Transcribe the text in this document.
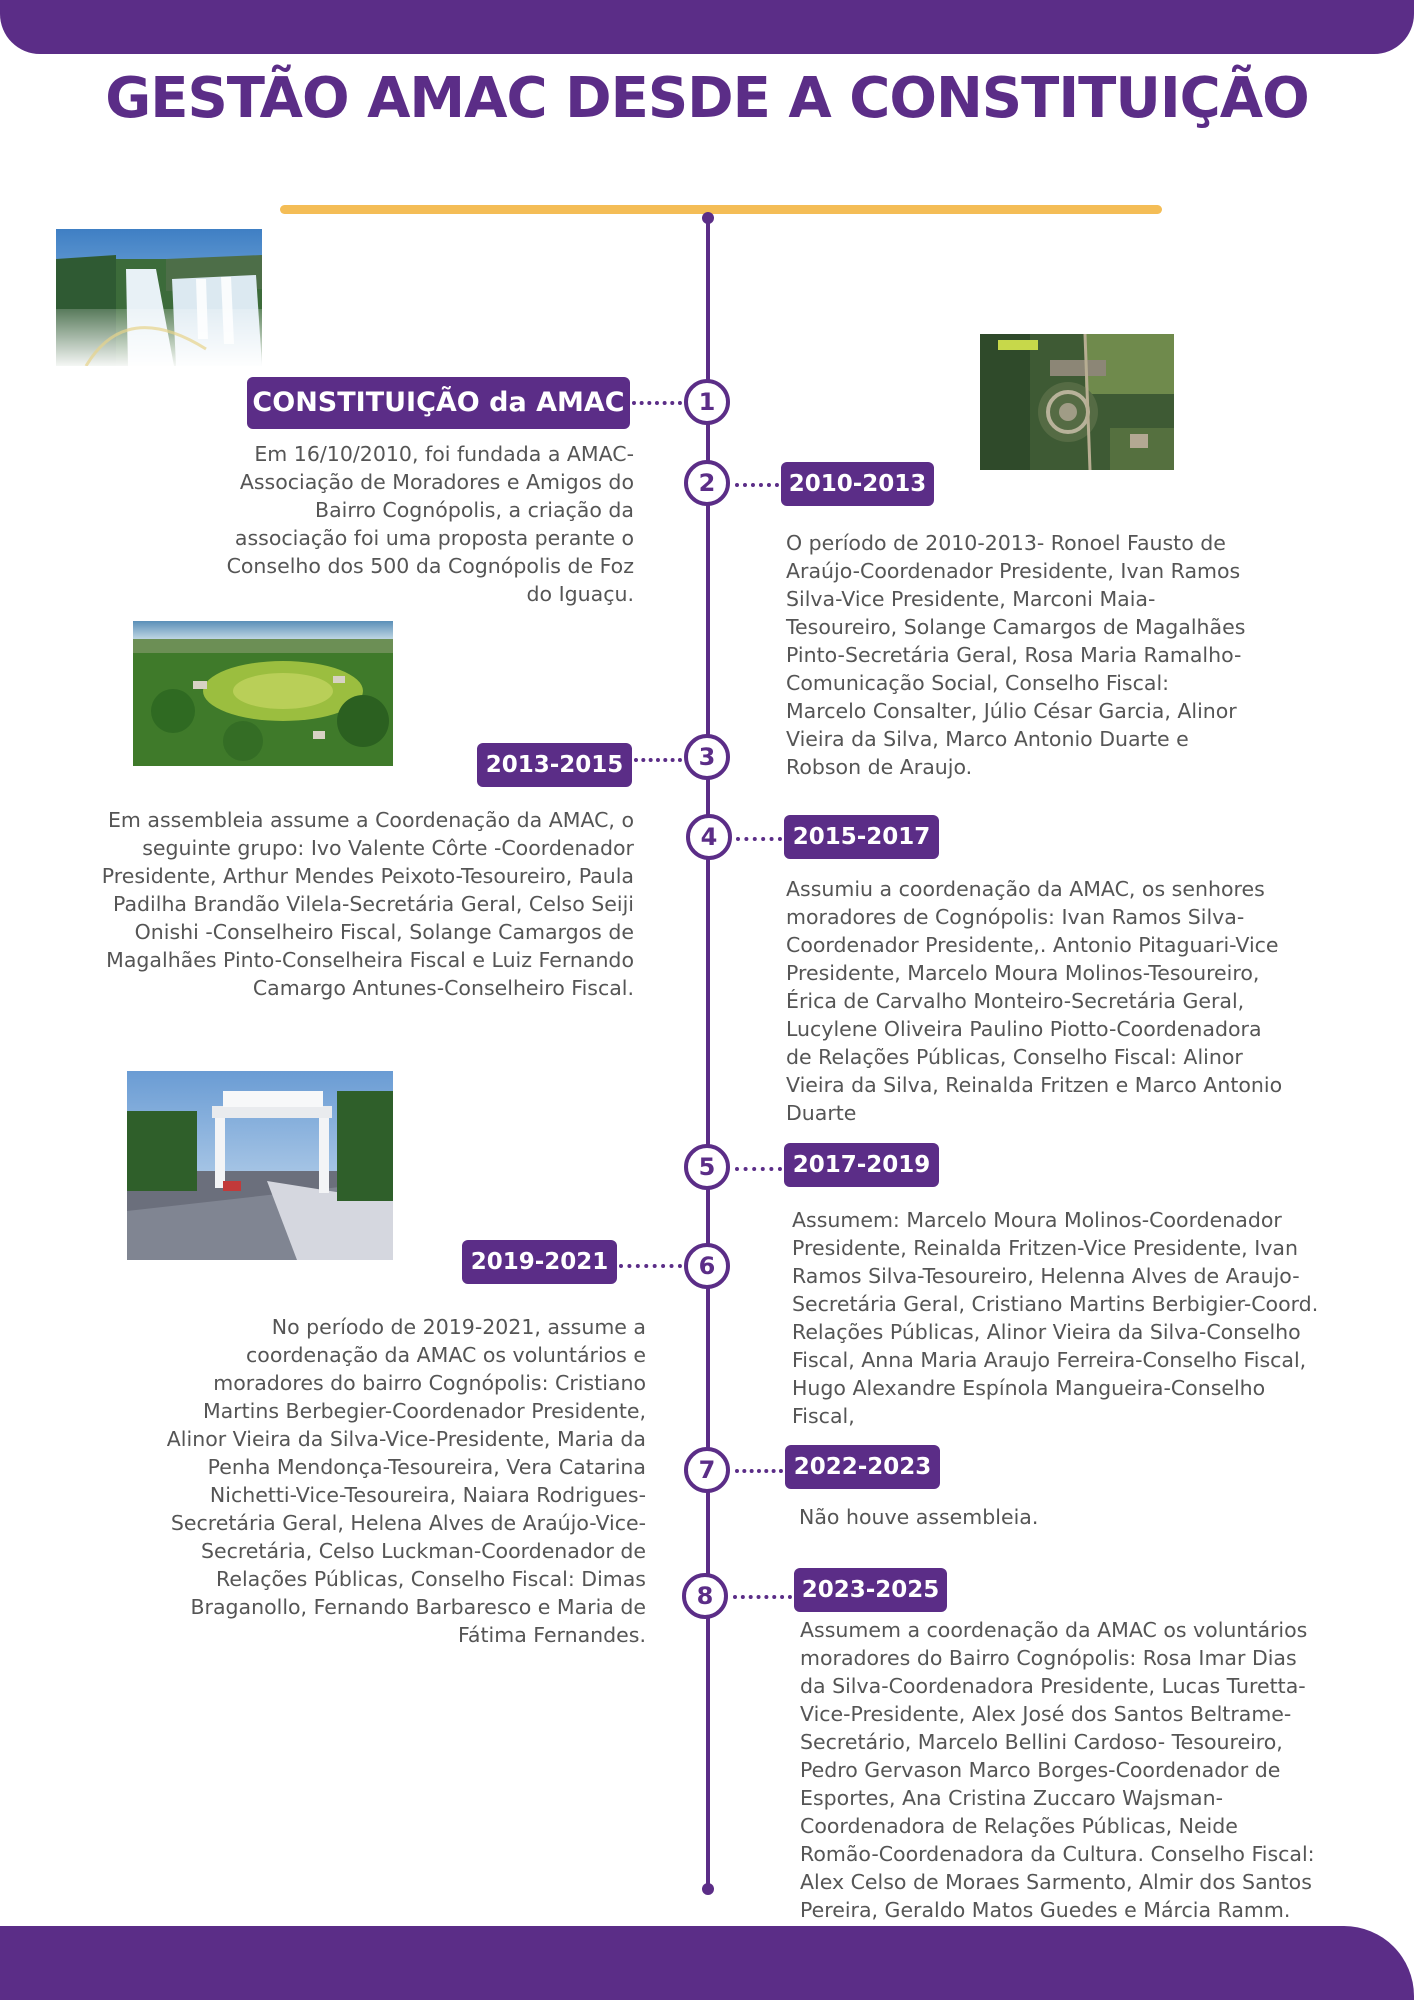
GESTÃO AMAC DESDE A CONSTITUIÇÃO
1
CONSTITUIÇÃO da AMAC
Em 16/10/2010, foi fundada a AMAC-
Associação de Moradores e Amigos do
Bairro Cognópolis, a criação da
associação foi uma proposta perante o
Conselho dos 500 da Cognópolis de Foz
do Iguaçu.
2	2010-2013
O período de 2010-2013- Ronoel Fausto de
Araújo-Coordenador Presidente, Ivan Ramos
Silva-Vice Presidente, Marconi Maia-
Tesoureiro, Solange Camargos de Magalhães
Pinto-Secretária Geral, Rosa Maria Ramalho-
Comunicação Social, Conselho Fiscal:
Marcelo Consalter, Júlio César Garcia, Alinor
Vieira da Silva, Marco Antonio Duarte e
Robson de Araujo.
3
2013-2015
Em assembleia assume a Coordenação da AMAC, o
seguinte grupo: Ivo Valente Côrte -Coordenador
Presidente, Arthur Mendes Peixoto-Tesoureiro, Paula
Padilha Brandão Vilela-Secretária Geral, Celso Seiji
Onishi -Conselheiro Fiscal, Solange Camargos de
Magalhães Pinto-Conselheira Fiscal e Luiz Fernando
Camargo Antunes-Conselheiro Fiscal.
4	2015-2017
Assumiu a coordenação da AMAC, os senhores
moradores de Cognópolis: Ivan Ramos Silva-
Coordenador Presidente,. Antonio Pitaguari-Vice
Presidente, Marcelo Moura Molinos-Tesoureiro,
Érica de Carvalho Monteiro-Secretária Geral,
Lucylene Oliveira Paulino Piotto-Coordenadora
de Relações Públicas, Conselho Fiscal: Alinor
Vieira da Silva, Reinalda Fritzen e Marco Antonio
Duarte
5	2017-2019
Assumem: Marcelo Moura Molinos-Coordenador
Presidente, Reinalda Fritzen-Vice Presidente, Ivan
Ramos Silva-Tesoureiro, Helenna Alves de Araujo-
Secretária Geral, Cristiano Martins Berbigier-Coord.
Relações Públicas, Alinor Vieira da Silva-Conselho
Fiscal, Anna Maria Araujo Ferreira-Conselho Fiscal,
Hugo Alexandre Espínola Mangueira-Conselho
Fiscal,
6
2019-2021
No período de 2019-2021, assume a
coordenação da AMAC os voluntários e
moradores do bairro Cognópolis: Cristiano
Martins Berbegier-Coordenador Presidente,
Alinor Vieira da Silva-Vice-Presidente, Maria da
Penha Mendonça-Tesoureira, Vera Catarina
Nichetti-Vice-Tesoureira, Naiara Rodrigues-
Secretária Geral, Helena Alves de Araújo-Vice-
Secretária, Celso Luckman-Coordenador de
Relações Públicas, Conselho Fiscal: Dimas
Braganollo, Fernando Barbaresco e Maria de
Fátima Fernandes.
7	2022-2023
Não houve assembleia.
8	2023-2025
Assumem a coordenação da AMAC os voluntários
moradores do Bairro Cognópolis: Rosa Imar Dias
da Silva-Coordenadora Presidente, Lucas Turetta-
Vice-Presidente, Alex José dos Santos Beltrame-
Secretário, Marcelo Bellini Cardoso- Tesoureiro,
Pedro Gervason Marco Borges-Coordenador de
Esportes, Ana Cristina Zuccaro Wajsman-
Coordenadora de Relações Públicas, Neide
Romão-Coordenadora da Cultura. Conselho Fiscal:
Alex Celso de Moraes Sarmento, Almir dos Santos
Pereira, Geraldo Matos Guedes e Márcia Ramm.
